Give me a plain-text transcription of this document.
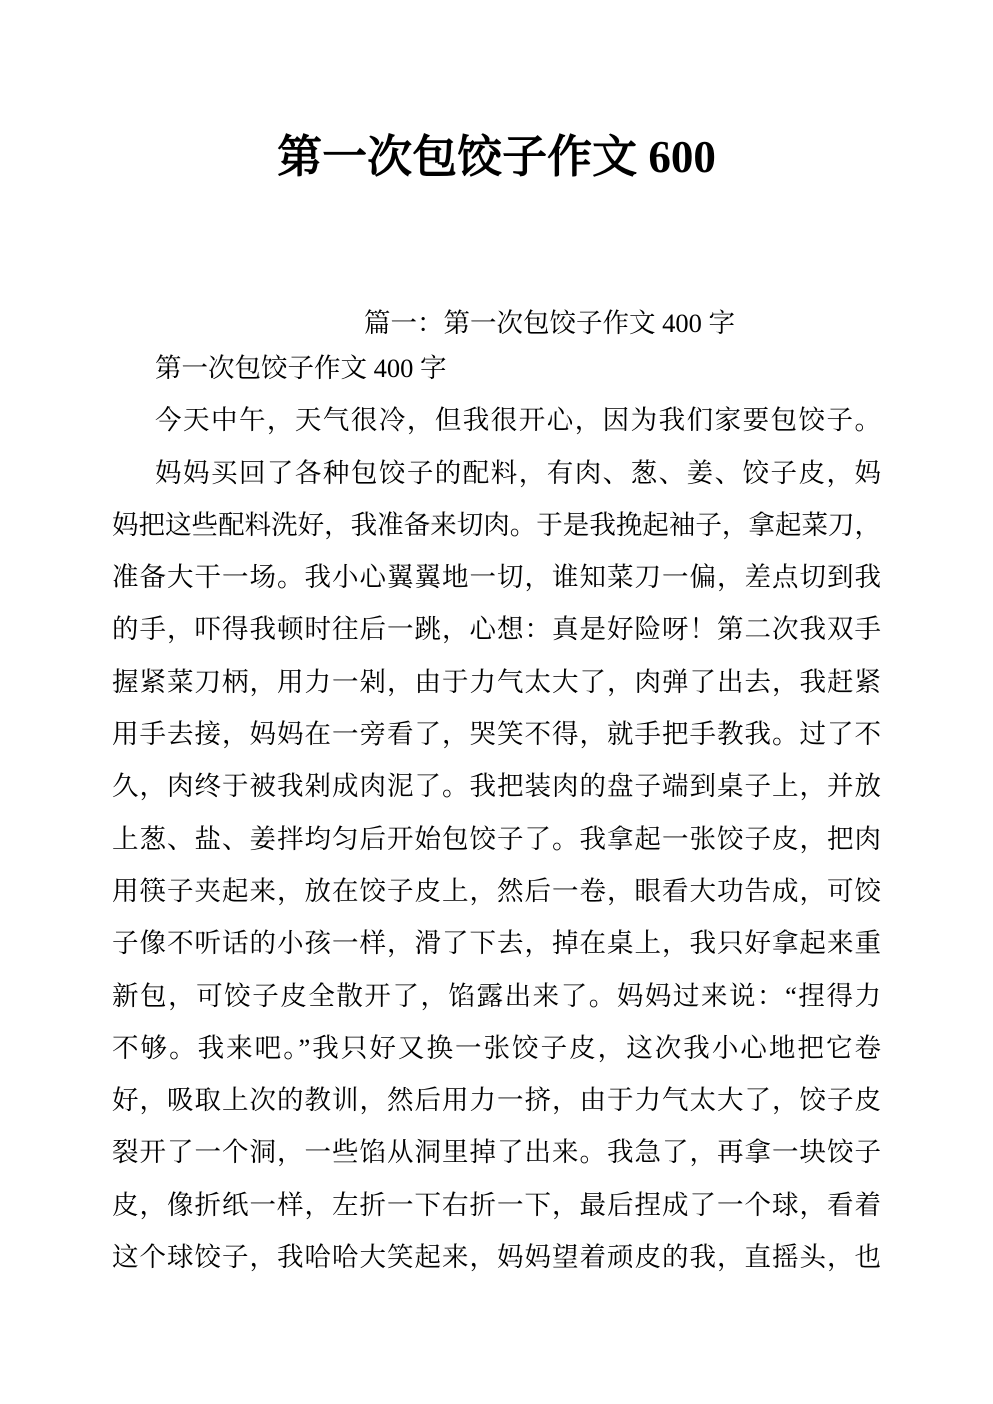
第一次包饺子作文 600
篇一：第一次包饺子作文 400 字

第一次包饺子作文 400 字

今天中午，天气很冷，但我很开心，因为我们家要包饺子。

妈妈买回了各种包饺子的配料，有肉、葱、姜、饺子皮，妈
妈把这些配料洗好，我准备来切肉。于是我挽起袖子，拿起菜刀，
准备大干一场。我小心翼翼地一切，谁知菜刀一偏，差点切到我
的手，吓得我顿时往后一跳，心想：真是好险呀！第二次我双手
握紧菜刀柄，用力一剁，由于力气太大了，肉弹了出去，我赶紧
用手去接，妈妈在一旁看了，哭笑不得，就手把手教我。过了不
久，肉终于被我剁成肉泥了。我把装肉的盘子端到桌子上，并放
上葱、盐、姜拌均匀后开始包饺子了。我拿起一张饺子皮，把肉
用筷子夹起来，放在饺子皮上，然后一卷，眼看大功告成，可饺
子像不听话的小孩一样，滑了下去，掉在桌上，我只好拿起来重
新包，可饺子皮全散开了，馅露出来了。妈妈过来说：“捏得力
不够。我来吧。”我只好又换一张饺子皮，这次我小心地把它卷
好，吸取上次的教训，然后用力一挤，由于力气太大了，饺子皮
裂开了一个洞，一些馅从洞里掉了出来。我急了，再拿一块饺子
皮，像折纸一样，左折一下右折一下，最后捏成了一个球，看着
这个球饺子，我哈哈大笑起来，妈妈望着顽皮的我，直摇头，也
